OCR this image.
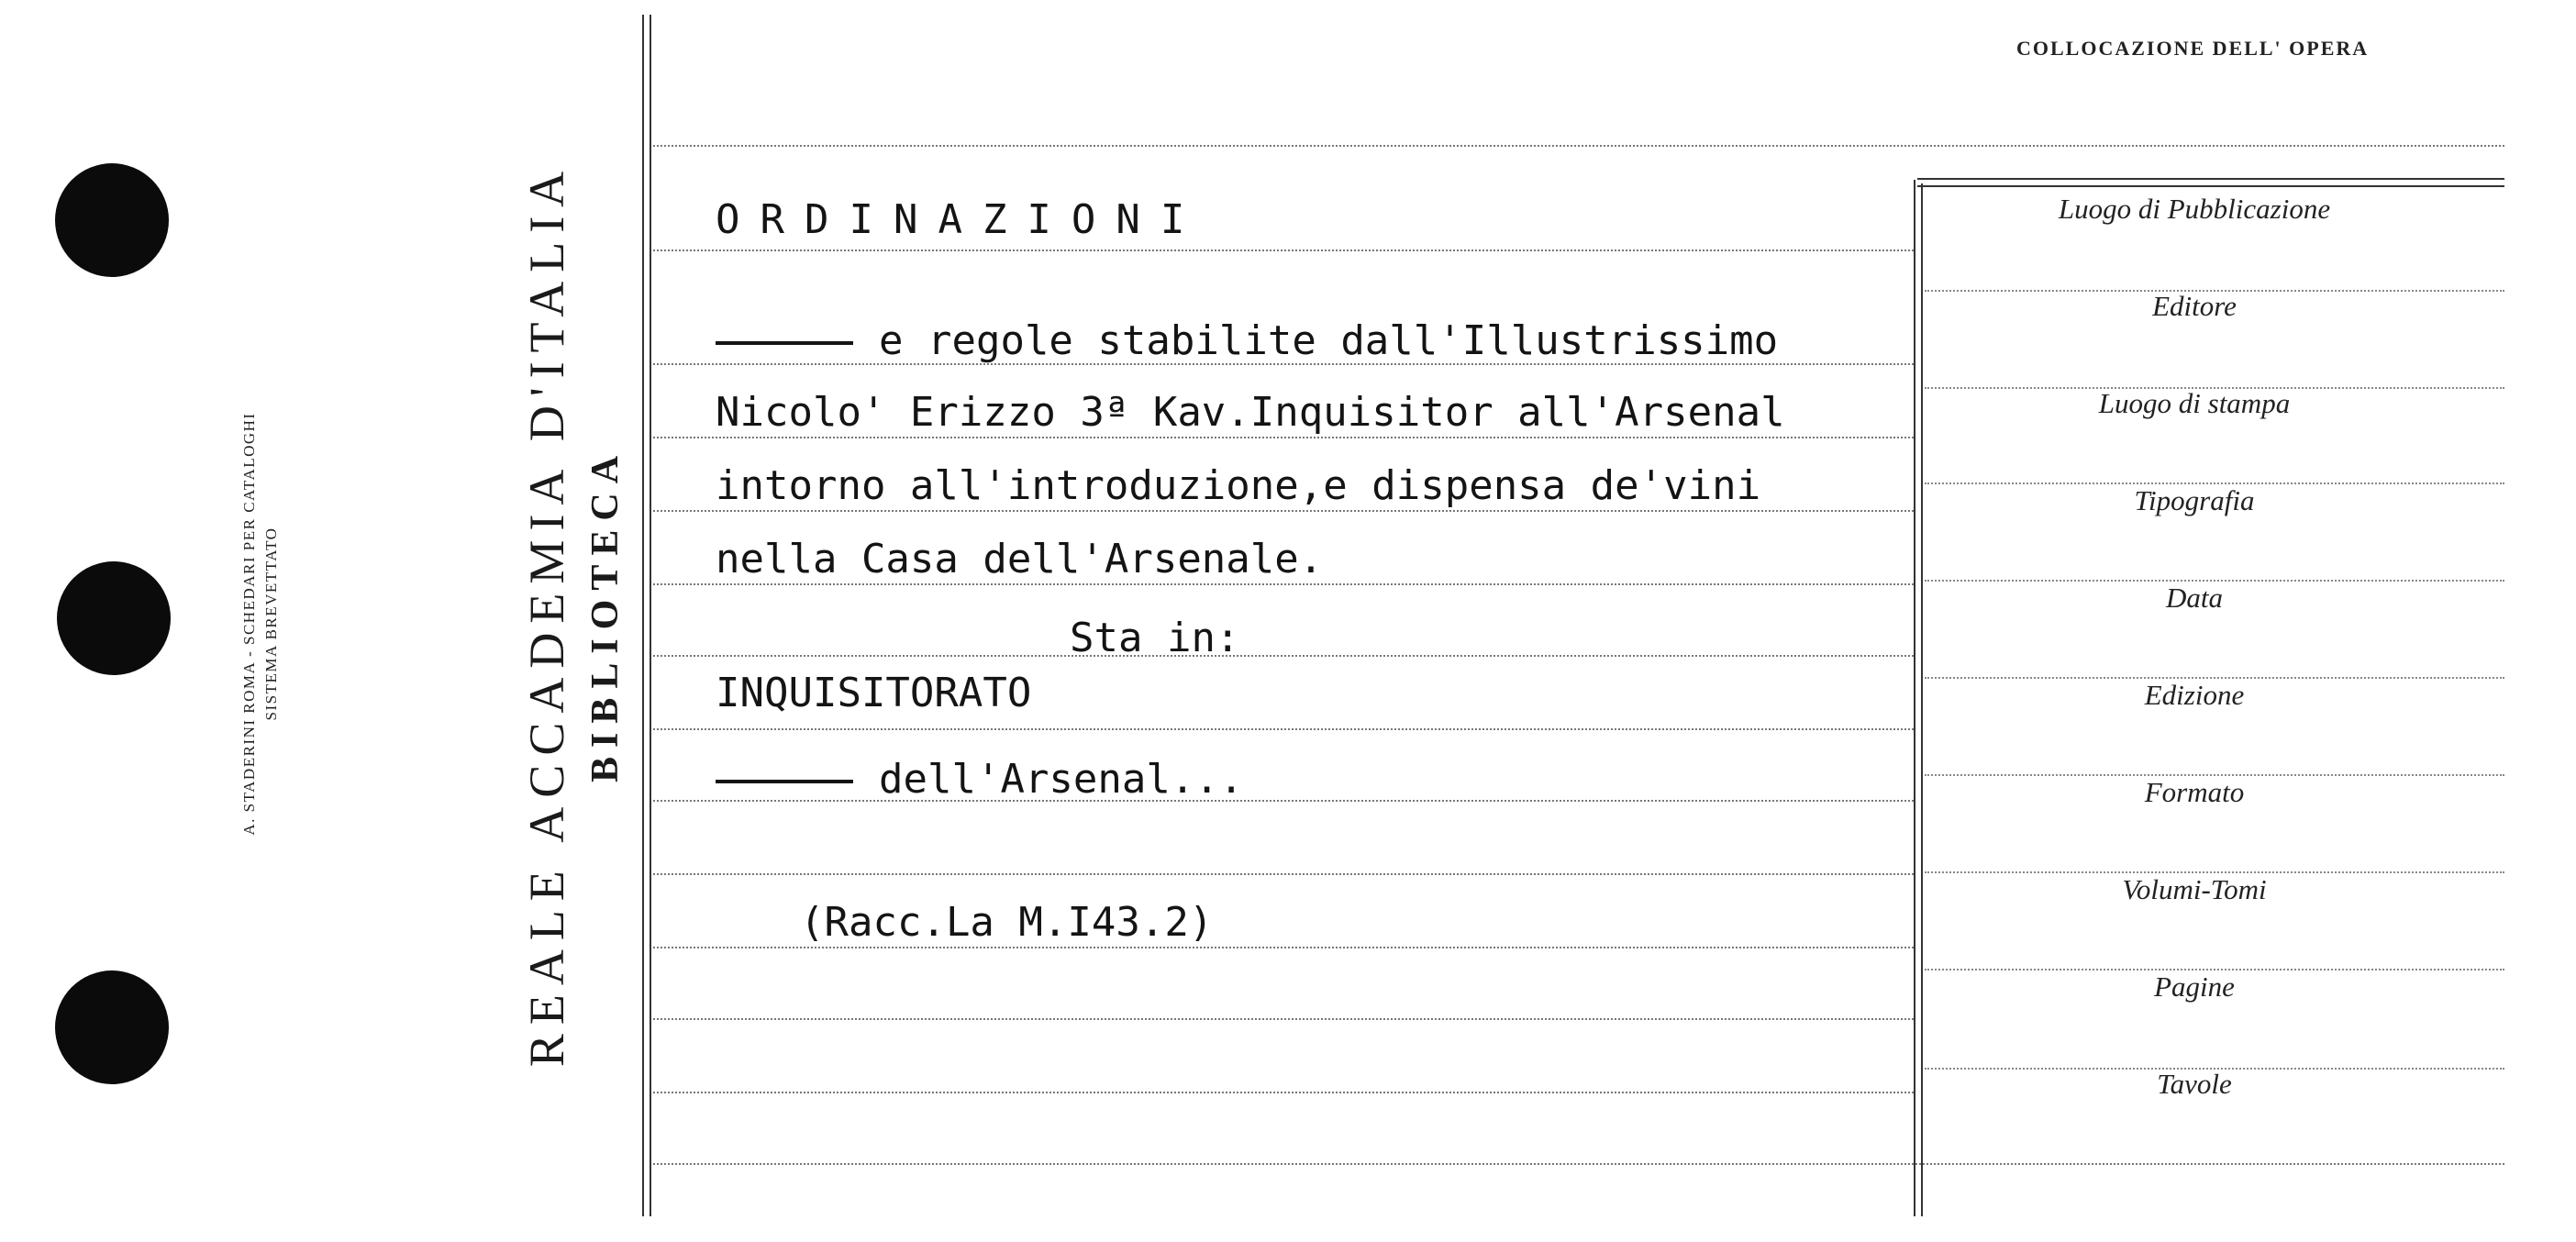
A. STADERINI ROMA - SCHEDARI PER CATALOGHI SISTEMA BREVETTATO	REALE ACCADEMIA D'ITALIA BIBLIOTECA
COLLOCAZIONE DELL' OPERA
Luogo di Pubblicazione
Editore
Luogo di stampa
Tipografia
Data
Edizione
Formato
Volumi-Tomi
Pagine
Tavole
ORDINAZIONI
e regole stabilite dall'Illustrissimo
Nicolo' Erizzo 3ª Kav.Inquisitor all'Arsenal
intorno all'introduzione,e dispensa de'vini
nella Casa dell'Arsenale.
Sta in:
INQUISITORATO
dell'Arsenal...
(Racc.La M.I43.2)
